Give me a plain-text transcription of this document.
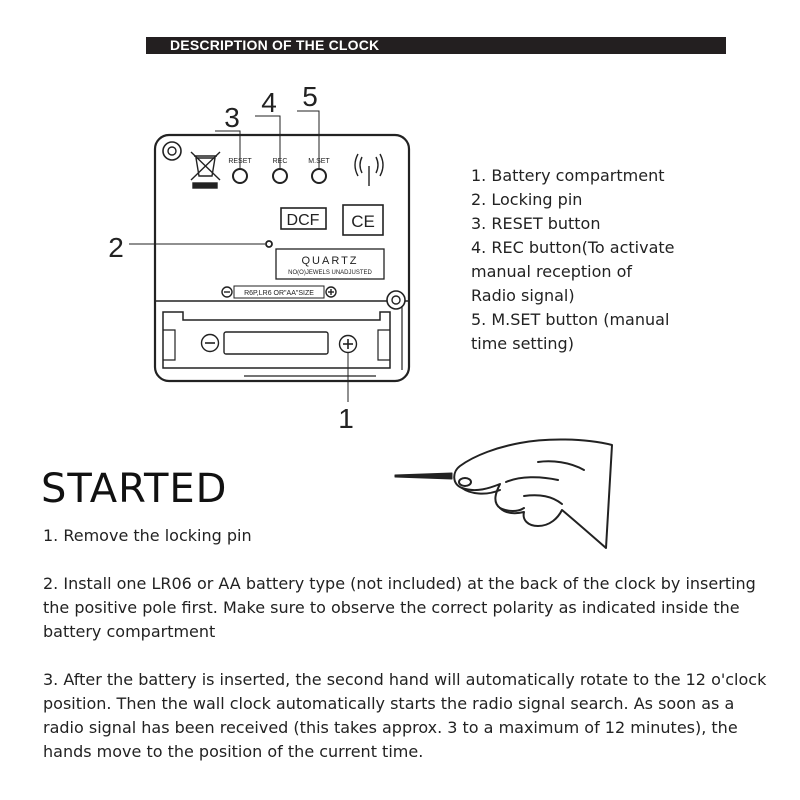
DESCRIPTION OF THE CLOCK
RESET	REC	M.SET
DCF CE
QUARTZ
NO(O)JEWELS UNADJUSTED
R6P,LR6 OR"AA"SIZE
3 4 5
2
1
1. Battery compartment
2. Locking pin
3. RESET button
4. REC button(To activate
manual reception of
Radio signal)
5. M.SET button (manual
time setting)
STARTED
1. Remove the locking pin
2. Install one LR06 or AA battery type (not included) at the back of the clock by inserting the positive pole first. Make sure to observe the correct polarity as indicated inside the battery compartment
3. After the battery is inserted, the second hand will automatically rotate to the 12 o'clock position. Then the wall clock automatically starts the radio signal search. As soon as a radio signal has been received (this takes approx. 3 to a maximum of 12 minutes), the hands move to the position of the current time.
